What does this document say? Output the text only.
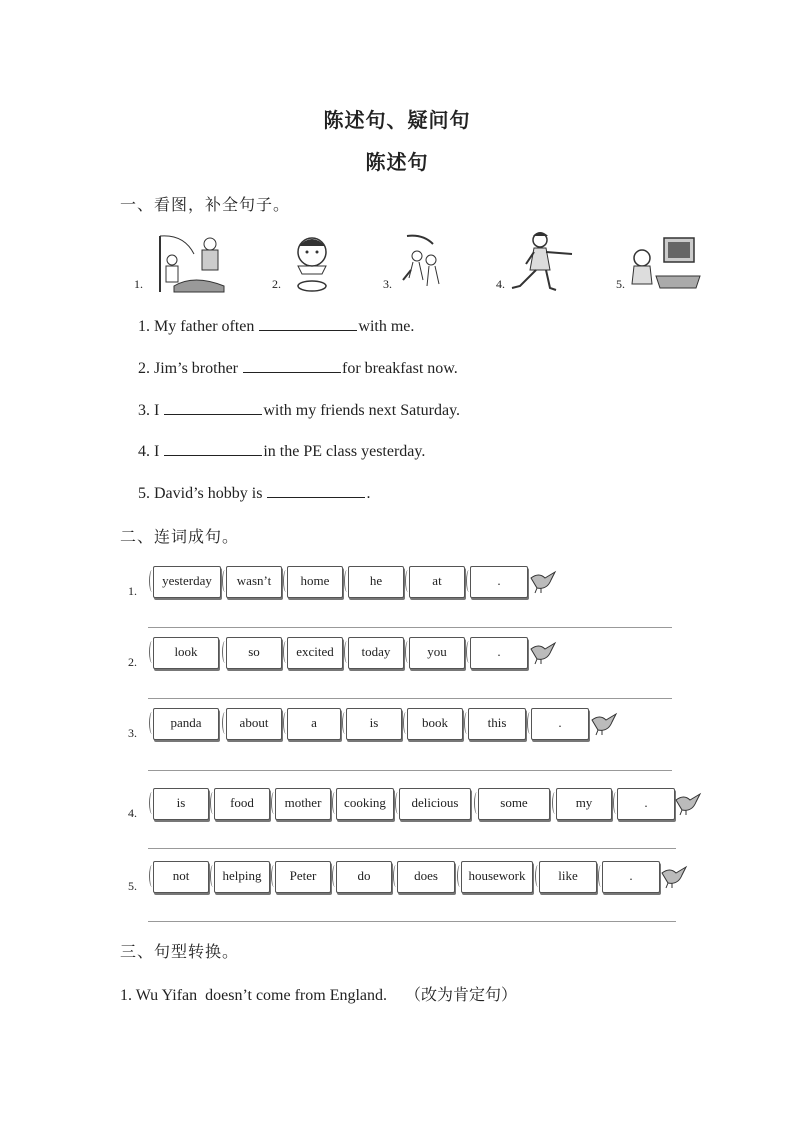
陈述句、疑问句
陈述句
一、看图，补全句子。
1.	2.	3.	4.	5.
1. My father often	with me.
2. Jim’s brother	for breakfast now.
3. I	with my friends next Saturday.
4. I	in the PE class yesterday.
5. David’s hobby is	.
二、连词成句。
1.
yesterday	wasn’t	home	he	at	.
2.
look	so	excited	today	you	.
3.
panda	about	a	is	book	this	.
4.
is	food	mother	cooking	delicious	some	my	.
5.
not	helping	Peter	do	does	housework	like	.
三、句型转换。
1. Wu Yifan  doesn’t come from England. （改为肯定句）
